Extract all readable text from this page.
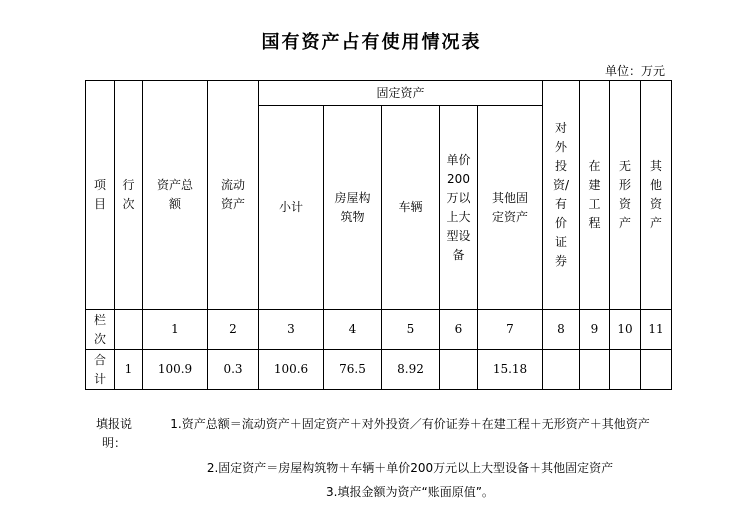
国有资产占有使用情况表
单位：万元
项目	行次	资产总额	流动资产	固定资产					对外投资/有价证券	在建工程	无形资产	其他资产
				小计	房屋构筑物	车辆	单价200万以上大型设备	其他固定资产				
栏次		1	2	3	4	5	6	7	8	9	10	11
合计	1	100.9	0.3	100.6	76.5	8.92		15.18				
填报说明：
1.资产总额＝流动资产＋固定资产＋对外投资／有价证券＋在建工程＋无形资产＋其他资产
2.固定资产＝房屋构筑物＋车辆＋单价200万元以上大型设备＋其他固定资产
3.填报金额为资产“账面原值”。
